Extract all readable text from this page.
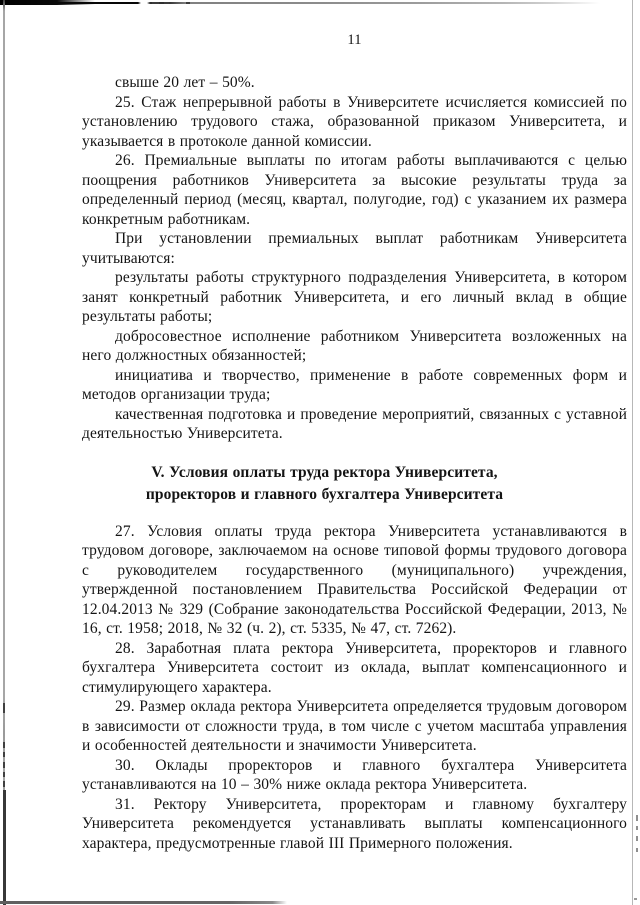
11

свыше 20 лет – 50%.

25. Стаж непрерывной работы в Университете исчисляется комиссией по установлению трудового стажа, образованной приказом Университета, и указывается в протоколе данной комиссии.

26. Премиальные выплаты по итогам работы выплачиваются с целью поощрения работников Университета за высокие результаты труда за определенный период (месяц, квартал, полугодие, год) с указанием их размера конкретным работникам.

При установлении премиальных выплат работникам Университета учитываются:

результаты работы структурного подразделения Университета, в котором занят конкретный работник Университета, и его личный вклад в общие результаты работы;

добросовестное исполнение работником Университета возложенных на него должностных обязанностей;

инициатива и творчество, применение в работе современных форм и методов организации труда;

качественная подготовка и проведение мероприятий, связанных с уставной деятельностью Университета.

V. Условия оплаты труда ректора Университета,
проректоров и главного бухгалтера Университета

27. Условия оплаты труда ректора Университета устанавливаются в трудовом договоре, заключаемом на основе типовой формы трудового договора с руководителем государственного (муниципального) учреждения, утвержденной постановлением Правительства Российской Федерации от 12.04.2013 № 329 (Собрание законодательства Российской Федерации, 2013, № 16, ст. 1958; 2018, № 32 (ч. 2), ст. 5335, № 47, ст. 7262).

28. Заработная плата ректора Университета, проректоров и главного бухгалтера Университета состоит из оклада, выплат компенсационного и стимулирующего характера.

29. Размер оклада ректора Университета определяется трудовым договором в зависимости от сложности труда, в том числе с учетом масштаба управления и особенностей деятельности и значимости Университета.

30. Оклады проректоров и главного бухгалтера Университета устанавливаются на 10 – 30% ниже оклада ректора Университета.

31. Ректору Университета, проректорам и главному бухгалтеру Университета рекомендуется устанавливать выплаты компенсационного характера, предусмотренные главой III Примерного положения.
